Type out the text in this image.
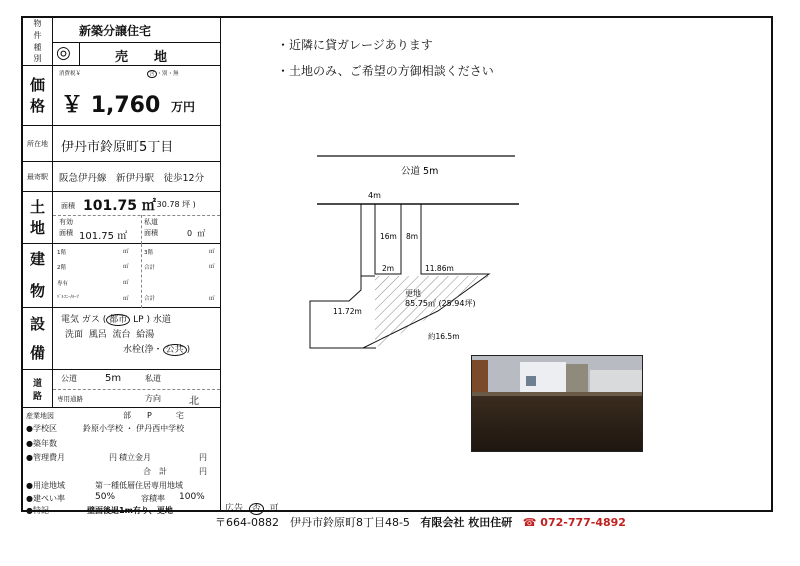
物
件
種
別
新築分譲住宅
◎	売　　地
価
格
消費税￥	含 ・別・無
￥ 1,760 万円
所在地	伊丹市鈴原町5丁目
最寄駅	阪急伊丹線　新伊丹駅　徒歩12分
土
地
面積 101.75 ㎡
( 30.78 坪 )
有効
面積 101.75 ㎡
私道
面積	0 ㎡
建
物
1階	㎡	3階	㎡
2階	㎡	合計	㎡
専有	㎡
ﾊﾞﾙｺﾆｰ/ﾙｰﾌ	㎡	合計	㎡
設
備
電気 ガス ( 都市 LP ) 水道
洗面 風呂 流台 給湯
水栓(浄・ 公共 )
道
路
公道	5m	私道
専用通路	方向	北
産業地図	部　　P　　　宅
●学校区	鈴原小学校 ・ 伊丹西中学校
●築年数
●管理費月	円 積立金月	円
合　計	円
●用途地域	第一種低層住居専用地域
●建ぺい率	50%	容積率 100%
●特記	壁面後退1m有り、更地
・近隣に貸ガレージあります
・土地のみ、ご希望の方御相談ください
公道 5m
4m
16m 8m
2m	11.86m
11.72m
更地
85.75㎡ (25.94坪)
約16.5m
広告 否 可
〒664-0882　伊丹市鈴原町8丁目48-5 有限会社 枚田住研 ☎ 072-777-4892
